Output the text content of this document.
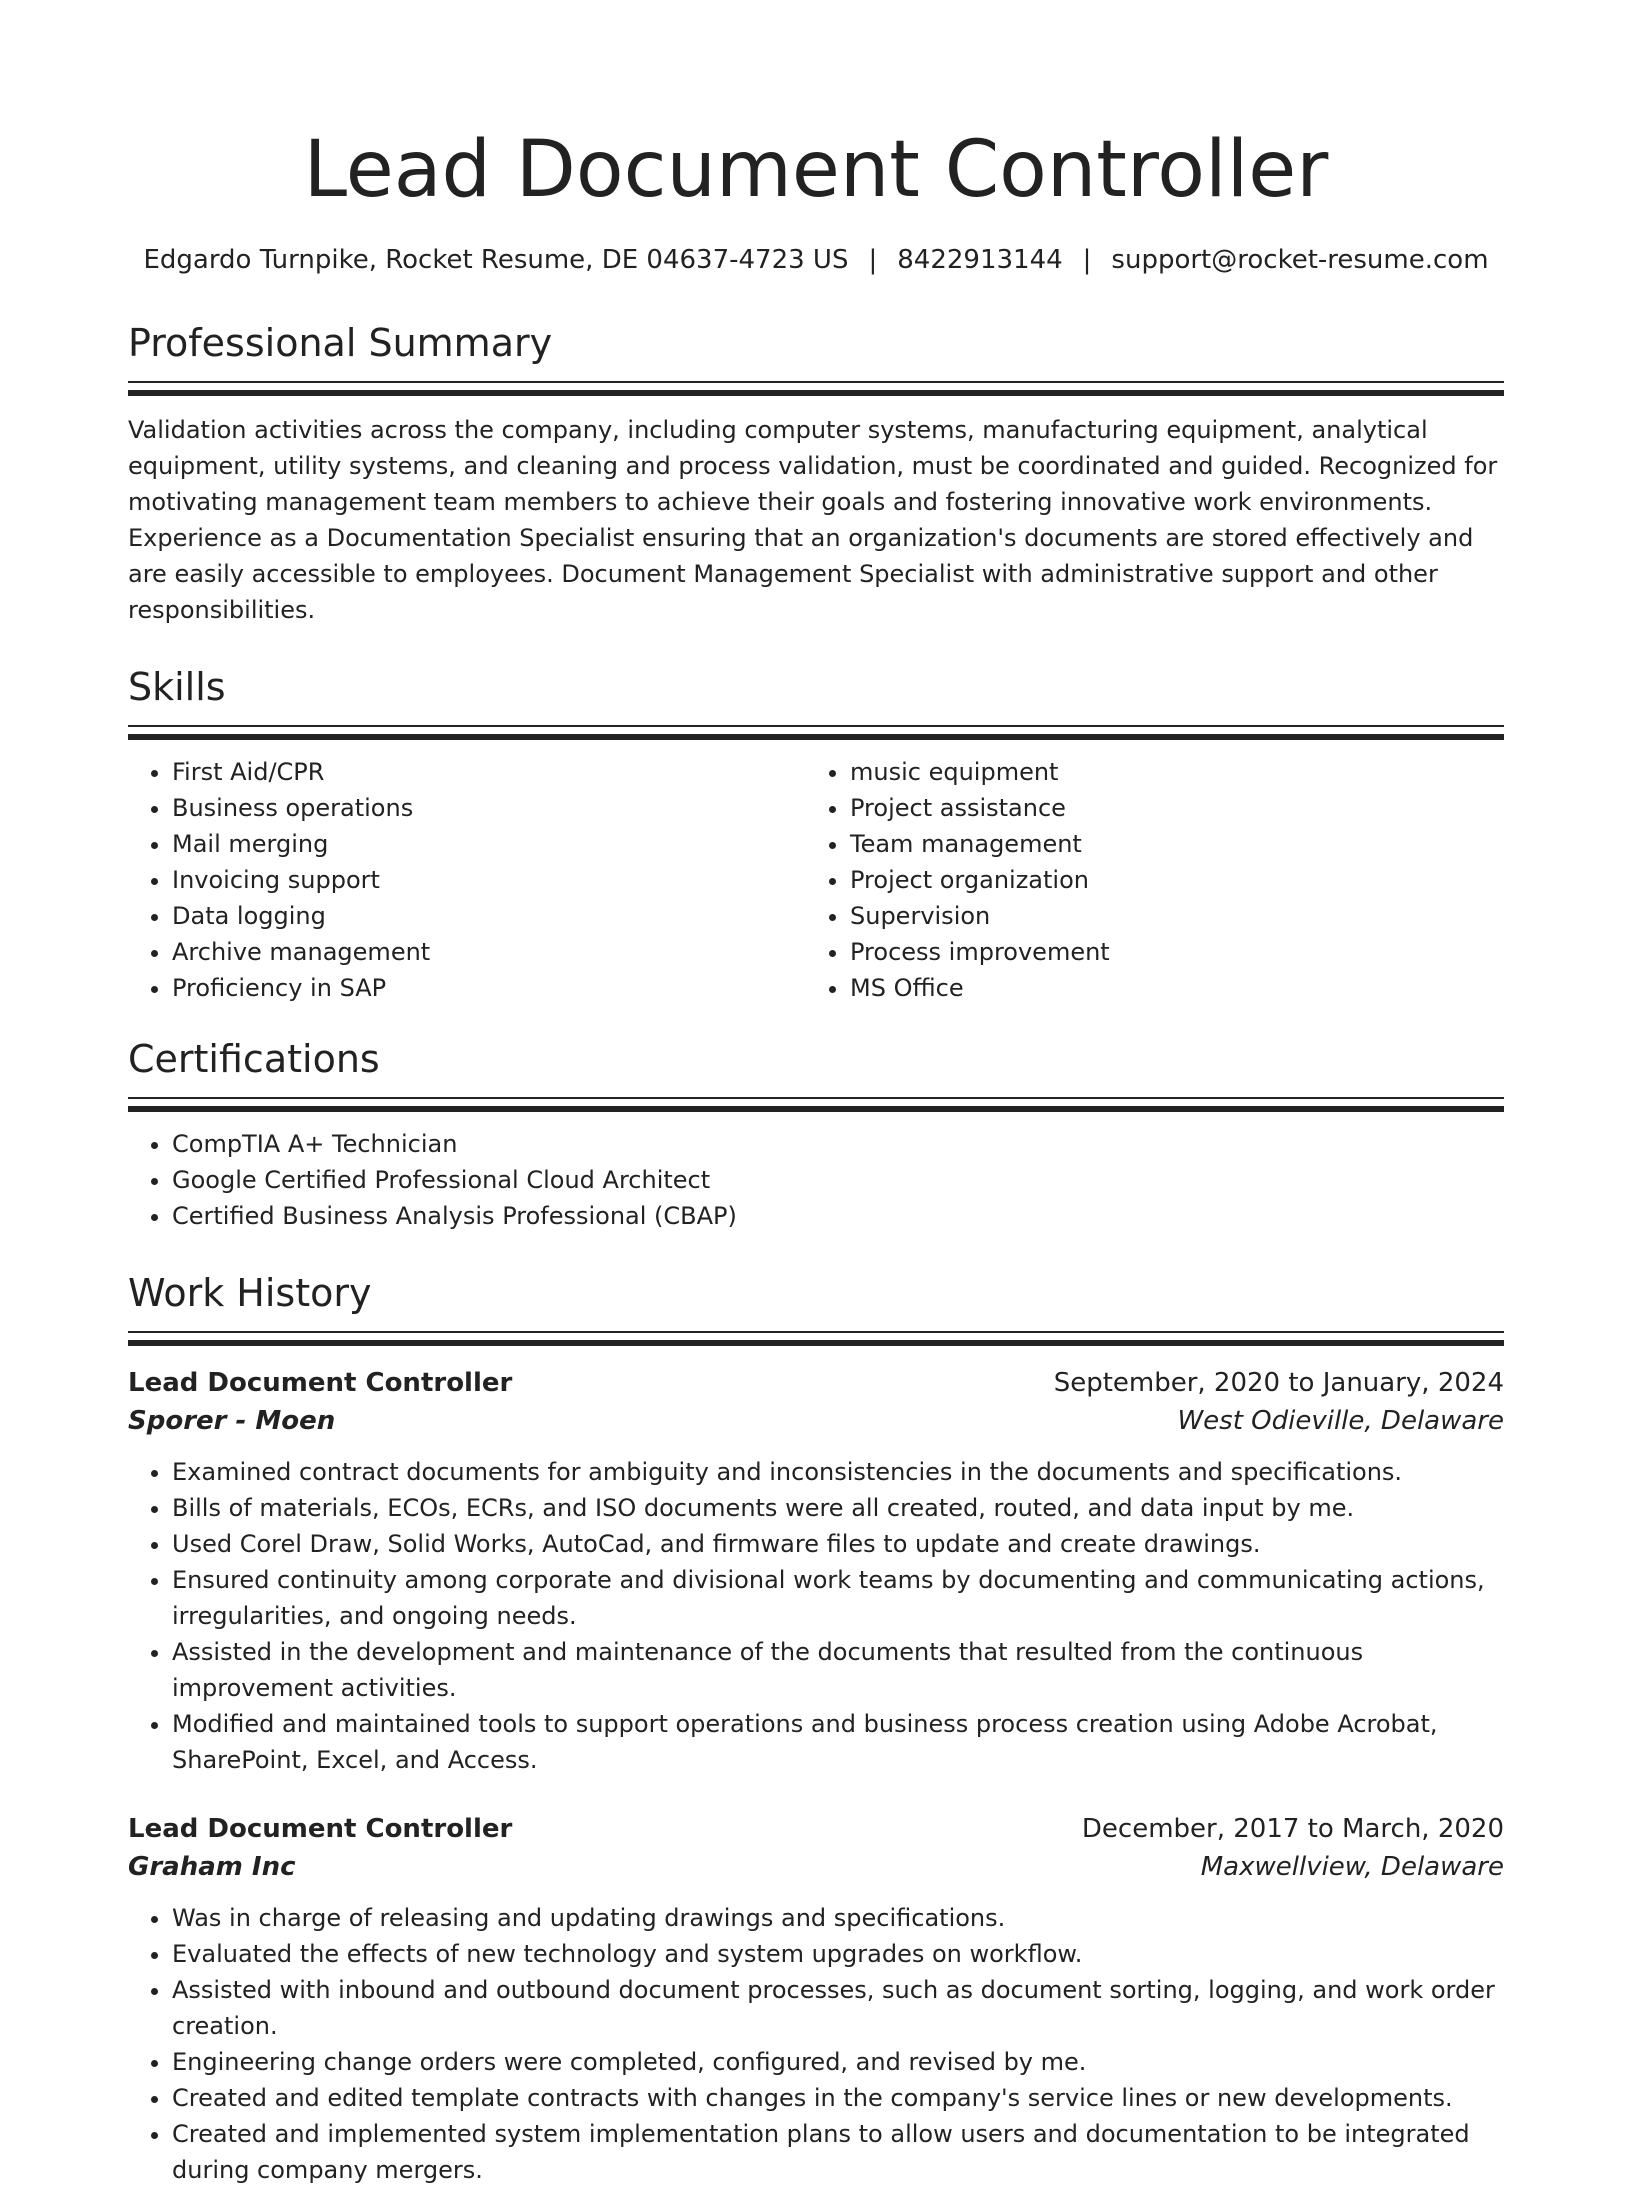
Lead Document Controller
Edgardo Turnpike, Rocket Resume, DE 04637-4723 US | 8422913144 | support@rocket-resume.com
Professional Summary

Validation activities across the company, including computer systems, manufacturing equipment, analytical equipment, utility systems, and cleaning and process validation, must be coordinated and guided. Recognized for motivating management team members to achieve their goals and fostering innovative work environments. Experience as a Documentation Specialist ensuring that an organization's documents are stored effectively and are easily accessible to employees. Document Management Specialist with administrative support and other responsibilities.

Skills
• First Aid/CPR
• Business operations
• Mail merging
• Invoicing support
• Data logging
• Archive management
• Proficiency in SAP
• music equipment
• Project assistance
• Team management
• Project organization
• Supervision
• Process improvement
• MS Office
Certifications
• CompTIA A+ Technician
• Google Certified Professional Cloud Architect
• Certified Business Analysis Professional (CBAP)
Work History
Lead Document Controller	September, 2020 to January, 2024
Sporer - Moen	West Odieville, Delaware
• Examined contract documents for ambiguity and inconsistencies in the documents and specifications.
• Bills of materials, ECOs, ECRs, and ISO documents were all created, routed, and data input by me.
• Used Corel Draw, Solid Works, AutoCad, and firmware files to update and create drawings.
• Ensured continuity among corporate and divisional work teams by documenting and communicating actions, irregularities, and ongoing needs.
• Assisted in the development and maintenance of the documents that resulted from the continuous improvement activities.
• Modified and maintained tools to support operations and business process creation using Adobe Acrobat, SharePoint, Excel, and Access.
Lead Document Controller	December, 2017 to March, 2020
Graham Inc	Maxwellview, Delaware
• Was in charge of releasing and updating drawings and specifications.
• Evaluated the effects of new technology and system upgrades on workflow.
• Assisted with inbound and outbound document processes, such as document sorting, logging, and work order creation.
• Engineering change orders were completed, configured, and revised by me.
• Created and edited template contracts with changes in the company's service lines or new developments.
• Created and implemented system implementation plans to allow users and documentation to be integrated during company mergers.
